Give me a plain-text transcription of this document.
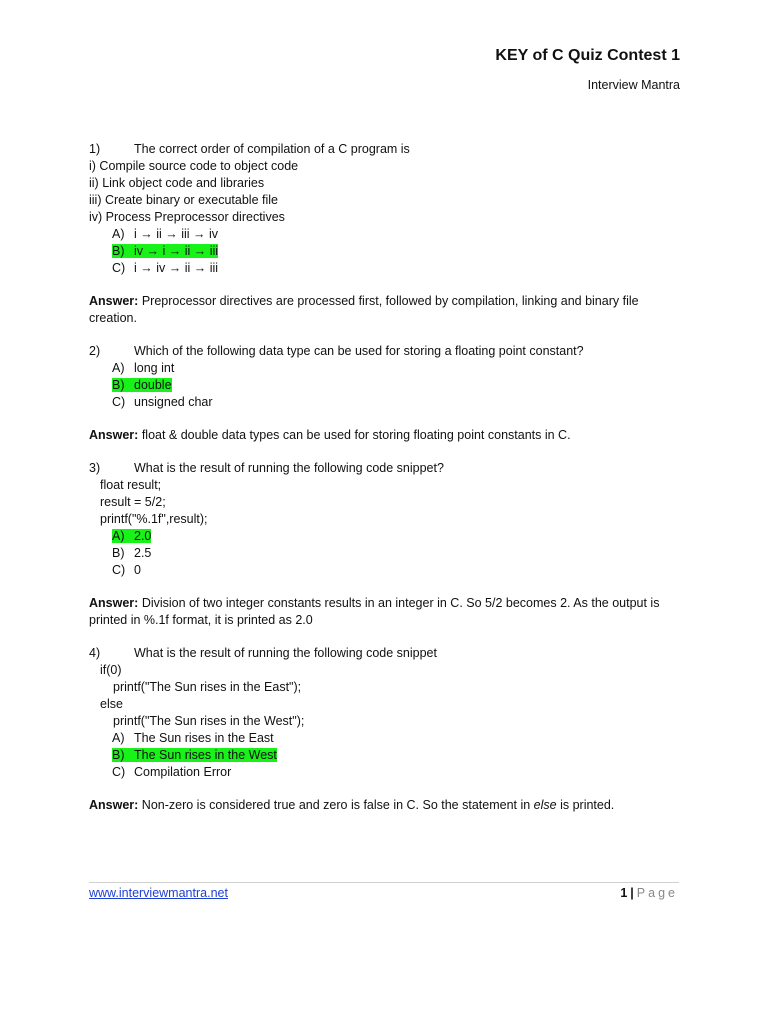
KEY of C Quiz Contest 1
Interview Mantra
1)	The correct order of compilation of a C program is
i) Compile source code to object code
ii) Link object code and libraries
iii) Create binary or executable file
iv) Process Preprocessor directives
A) i → ii → iii → iv
B) iv → i → ii → iii
C) i → iv → ii → iii
Answer: Preprocessor directives are processed first, followed by compilation, linking and binary file creation.
2)	Which of the following data type can be used for storing a floating point constant?
A) long int
B) double
C) unsigned char
Answer: float & double data types can be used for storing floating point constants in C.
3)	What is the result of running the following code snippet?
float result;
result = 5/2;
printf("%.1f",result);
A) 2.0
B) 2.5
C) 0
Answer: Division of two integer constants results in an integer in C. So 5/2 becomes 2. As the output is printed in %.1f format, it is printed as 2.0
4)	What is the result of running the following code snippet
if(0)
printf("The Sun rises in the East");
else
printf("The Sun rises in the West");
A) The Sun rises in the East
B) The Sun rises in the West
C) Compilation Error
Answer: Non-zero is considered true and zero is false in C. So the statement in else is printed.
www.interviewmantra.net	1 | Page
